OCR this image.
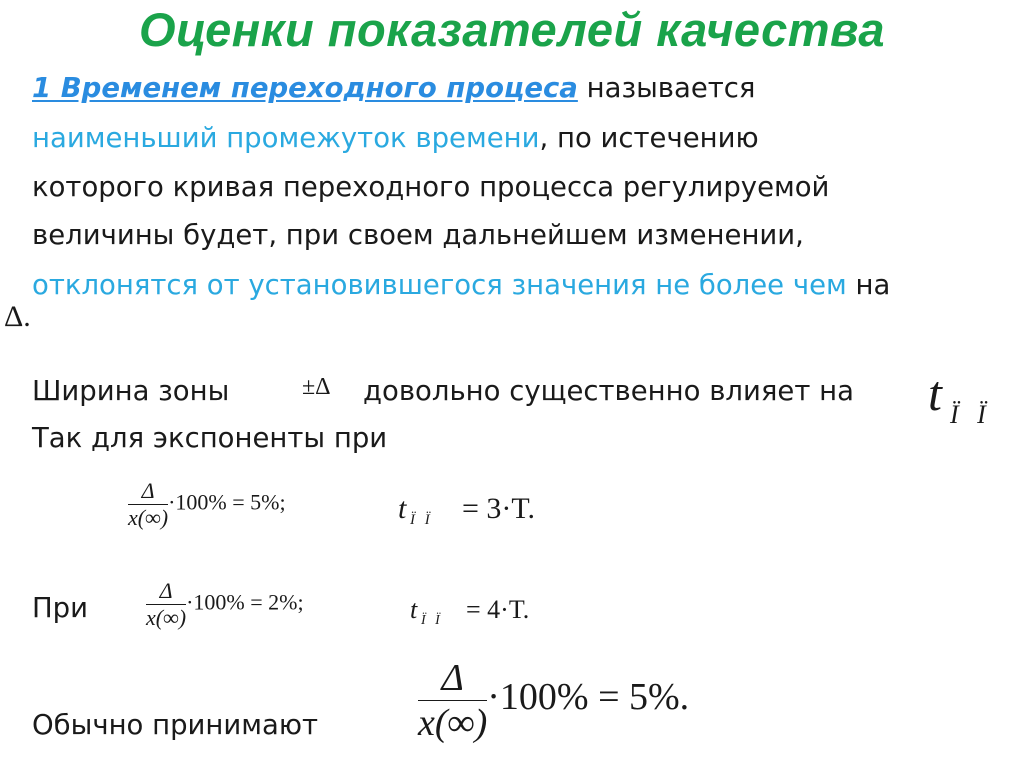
Оценки показателей качества
1 Временем переходного процеса называется
наименьший промежуток времени, по истечению
которого кривая переходного процесса регулируемой
величины будет, при своем дальнейшем изменении,
отклонятся от установившегося значения не более чем на
Δ.
Ширина зоны	±Δ довольно существенно влияет на t Ï Ï
Так для экспоненты при
$\frac{\Delta}{x(\infty)} \cdot 100\% = 5\%$;	t Ï Ï = 3·T.
При	$\frac{\Delta}{x(\infty)} \cdot 100\% = 2\%$;	t Ï Ï = 4·T.
Обычно принимают	$\frac{\Delta}{x(\infty)} \cdot 100\% = 5\%$.
